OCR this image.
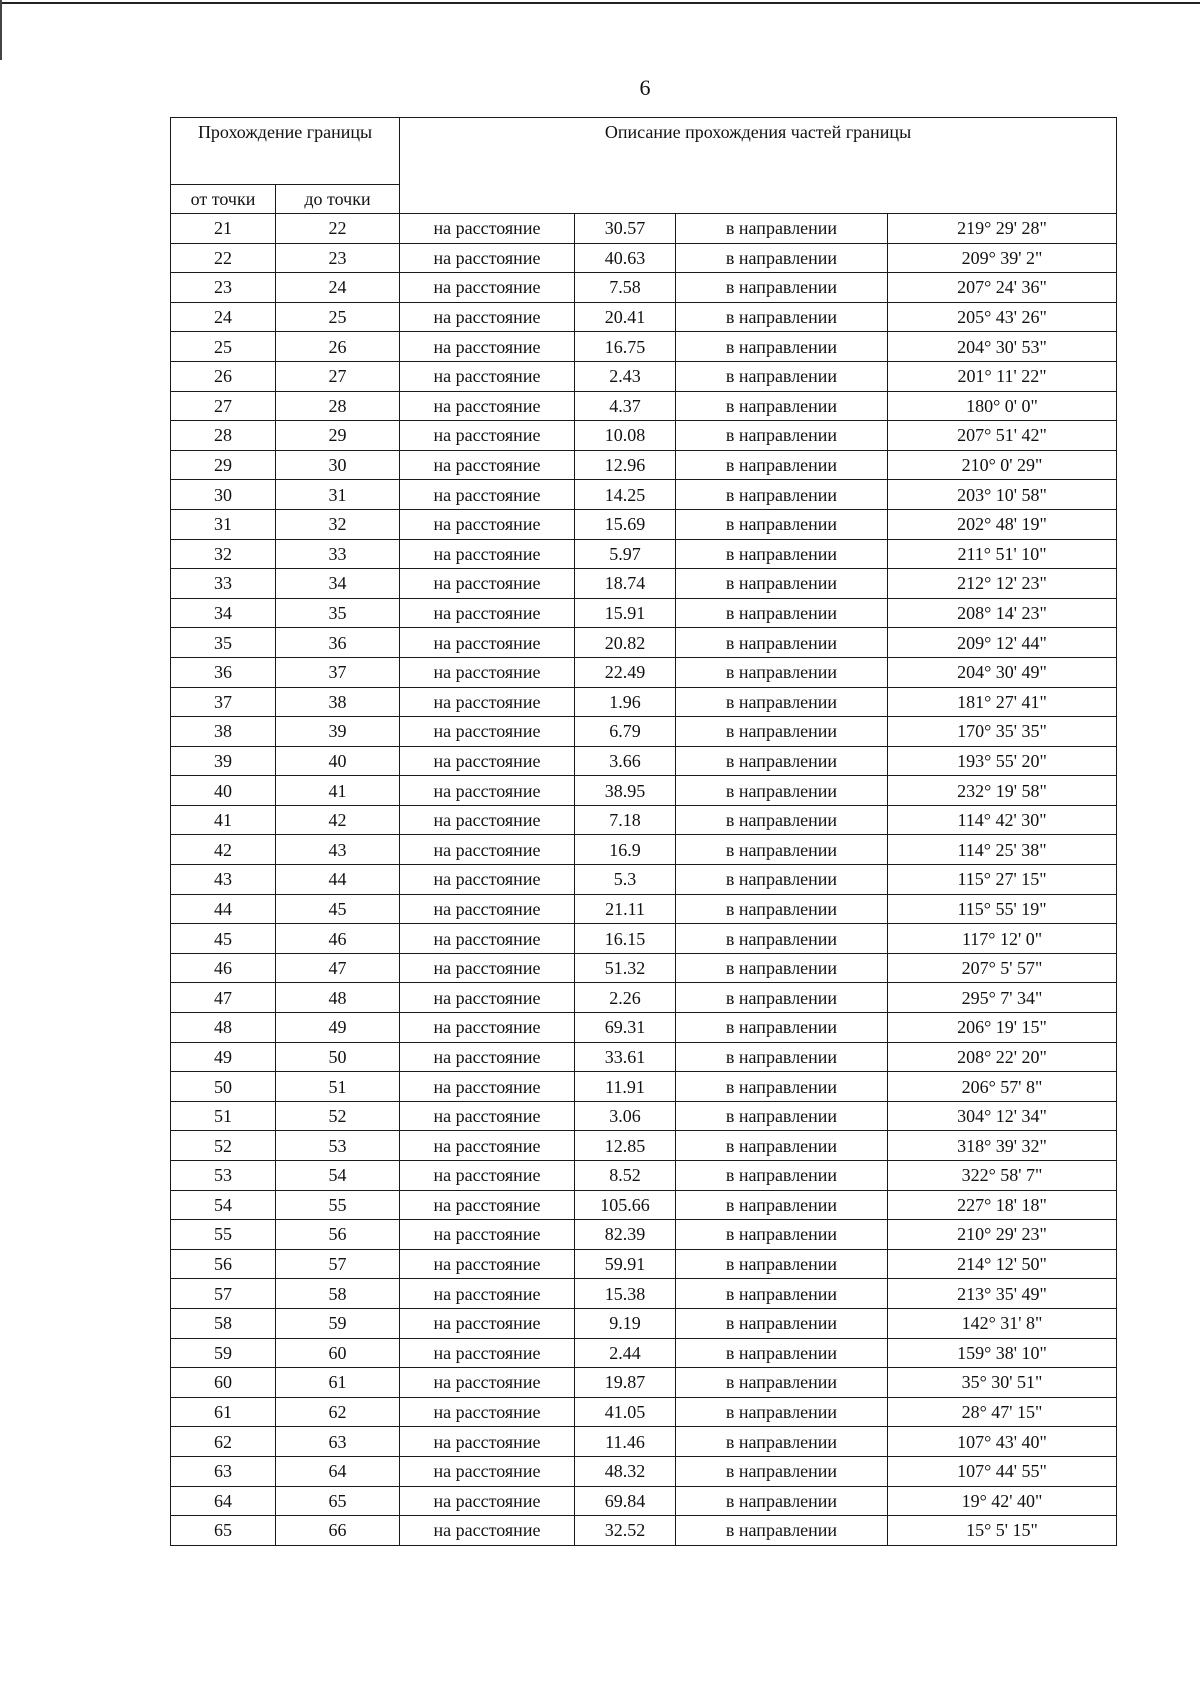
6
Прохождение границы		Описание прохождения частей границы			
от точки	до точки				
21	22	на расстояние	30.57	в направлении	219° 29' 28"
22	23	на расстояние	40.63	в направлении	209° 39' 2"
23	24	на расстояние	7.58	в направлении	207° 24' 36"
24	25	на расстояние	20.41	в направлении	205° 43' 26"
25	26	на расстояние	16.75	в направлении	204° 30' 53"
26	27	на расстояние	2.43	в направлении	201° 11' 22"
27	28	на расстояние	4.37	в направлении	180° 0' 0"
28	29	на расстояние	10.08	в направлении	207° 51' 42"
29	30	на расстояние	12.96	в направлении	210° 0' 29"
30	31	на расстояние	14.25	в направлении	203° 10' 58"
31	32	на расстояние	15.69	в направлении	202° 48' 19"
32	33	на расстояние	5.97	в направлении	211° 51' 10"
33	34	на расстояние	18.74	в направлении	212° 12' 23"
34	35	на расстояние	15.91	в направлении	208° 14' 23"
35	36	на расстояние	20.82	в направлении	209° 12' 44"
36	37	на расстояние	22.49	в направлении	204° 30' 49"
37	38	на расстояние	1.96	в направлении	181° 27' 41"
38	39	на расстояние	6.79	в направлении	170° 35' 35"
39	40	на расстояние	3.66	в направлении	193° 55' 20"
40	41	на расстояние	38.95	в направлении	232° 19' 58"
41	42	на расстояние	7.18	в направлении	114° 42' 30"
42	43	на расстояние	16.9	в направлении	114° 25' 38"
43	44	на расстояние	5.3	в направлении	115° 27' 15"
44	45	на расстояние	21.11	в направлении	115° 55' 19"
45	46	на расстояние	16.15	в направлении	117° 12' 0"
46	47	на расстояние	51.32	в направлении	207° 5' 57"
47	48	на расстояние	2.26	в направлении	295° 7' 34"
48	49	на расстояние	69.31	в направлении	206° 19' 15"
49	50	на расстояние	33.61	в направлении	208° 22' 20"
50	51	на расстояние	11.91	в направлении	206° 57' 8"
51	52	на расстояние	3.06	в направлении	304° 12' 34"
52	53	на расстояние	12.85	в направлении	318° 39' 32"
53	54	на расстояние	8.52	в направлении	322° 58' 7"
54	55	на расстояние	105.66	в направлении	227° 18' 18"
55	56	на расстояние	82.39	в направлении	210° 29' 23"
56	57	на расстояние	59.91	в направлении	214° 12' 50"
57	58	на расстояние	15.38	в направлении	213° 35' 49"
58	59	на расстояние	9.19	в направлении	142° 31' 8"
59	60	на расстояние	2.44	в направлении	159° 38' 10"
60	61	на расстояние	19.87	в направлении	35° 30' 51"
61	62	на расстояние	41.05	в направлении	28° 47' 15"
62	63	на расстояние	11.46	в направлении	107° 43' 40"
63	64	на расстояние	48.32	в направлении	107° 44' 55"
64	65	на расстояние	69.84	в направлении	19° 42' 40"
65	66	на расстояние	32.52	в направлении	15° 5' 15"
